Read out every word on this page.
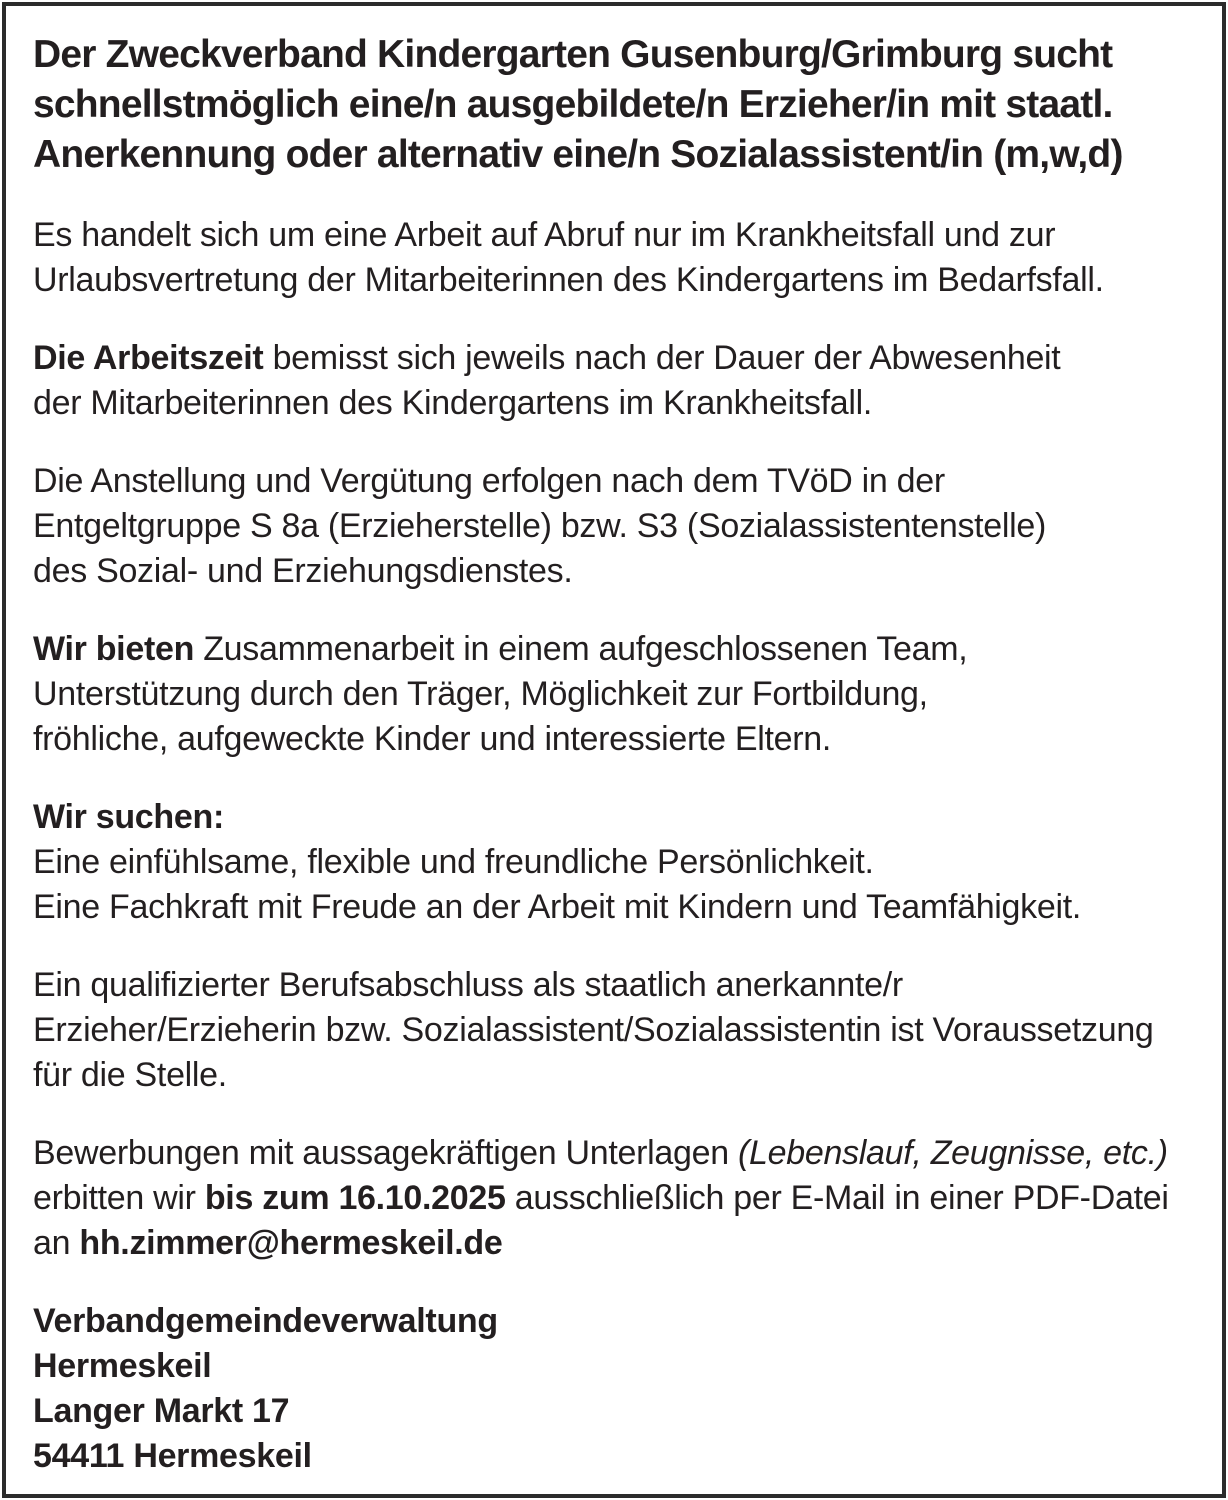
Der Zweckverband Kindergarten Gusenburg/Grimburg sucht
schnellstmöglich eine/n ausgebildete/n Erzieher/in mit staatl.
Anerkennung oder alternativ eine/n Sozialassistent/in (m,w,d)

Es handelt sich um eine Arbeit auf Abruf nur im Krankheitsfall und zur
Urlaubsvertretung der Mitarbeiterinnen des Kindergartens im Bedarfsfall.

Die Arbeitszeit bemisst sich jeweils nach der Dauer der Abwesenheit
der Mitarbeiterinnen des Kindergartens im Krankheitsfall.

Die Anstellung und Vergütung erfolgen nach dem TVöD in der
Entgeltgruppe S 8a (Erzieherstelle) bzw. S3 (Sozialassistentenstelle)
des Sozial- und Erziehungsdienstes.

Wir bieten Zusammenarbeit in einem aufgeschlossenen Team,
Unterstützung durch den Träger, Möglichkeit zur Fortbildung,
fröhliche, aufgeweckte Kinder und interessierte Eltern.

Wir suchen:
Eine einfühlsame, flexible und freundliche Persönlichkeit.
Eine Fachkraft mit Freude an der Arbeit mit Kindern und Teamfähigkeit.

Ein qualifizierter Berufsabschluss als staatlich anerkannte/r
Erzieher/Erzieherin bzw. Sozialassistent/Sozialassistentin ist Voraussetzung
für die Stelle.

Bewerbungen mit aussagekräftigen Unterlagen (Lebenslauf, Zeugnisse, etc.)
erbitten wir bis zum 16.10.2025 ausschließlich per E-Mail in einer PDF-Datei
an hh.zimmer@hermeskeil.de

Verbandgemeindeverwaltung
Hermeskeil
Langer Markt 17
54411 Hermeskeil
